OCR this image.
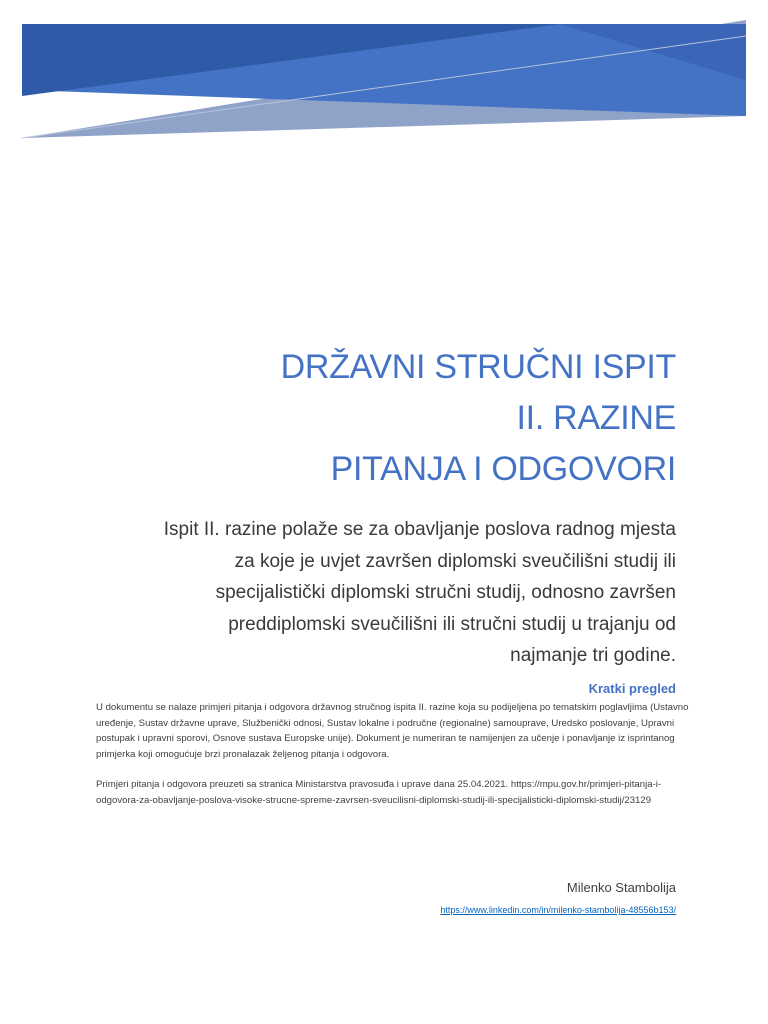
DRŽAVNI STRUČNI ISPIT
II. RAZINE
PITANJA I ODGOVORI
Ispit II. razine polaže se za obavljanje poslova radnog mjesta za koje je uvjet završen diplomski sveučilišni studij ili specijalistički diplomski stručni studij, odnosno završen preddiplomski sveučilišni ili stručni studij u trajanju od najmanje tri godine.
Kratki pregled

U dokumentu se nalaze primjeri pitanja i odgovora državnog stručnog ispita II. razine koja su podijeljena po tematskim poglavljima (Ustavno uređenje, Sustav državne uprave, Službenički odnosi, Sustav lokalne i područne (regionalne) samouprave, Uredsko poslovanje, Upravni postupak i upravni sporovi, Osnove sustava Europske unije). Dokument je numeriran te namijenjen za učenje i ponavljanje iz isprintanog primjerka koji omogućuje brzi pronalazak željenog pitanja i odgovora.

Primjeri pitanja i odgovora preuzeti sa stranica Ministarstva pravosuđa i uprave dana 25.04.2021. https://mpu.gov.hr/primjeri-pitanja-i-odgovora-za-obavljanje-poslova-visoke-strucne-spreme-zavrsen-sveucilisni-diplomski-studij-ili-specijalisticki-diplomski-studij/23129

Milenko Stambolija
https://www.linkedin.com/in/milenko-stambolija-48556b153/
